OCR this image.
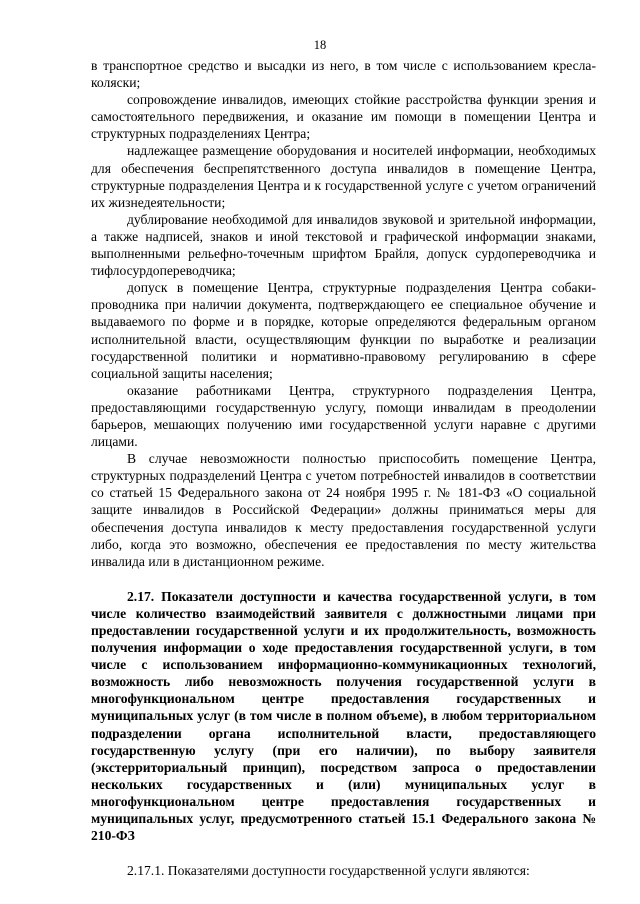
18

в транспортное средство и высадки из него, в том числе с использованием кресла-коляски;

сопровождение инвалидов, имеющих стойкие расстройства функции зрения и самостоятельного передвижения, и оказание им помощи в помещении Центра и структурных подразделениях Центра;

надлежащее размещение оборудования и носителей информации, необходимых для обеспечения беспрепятственного доступа инвалидов в помещение Центра, структурные подразделения Центра и к государственной услуге с учетом ограничений их жизнедеятельности;

дублирование необходимой для инвалидов звуковой и зрительной информации, а также надписей, знаков и иной текстовой и графической информации знаками, выполненными рельефно-точечным шрифтом Брайля, допуск сурдопереводчика и тифлосурдопереводчика;

допуск в помещение Центра, структурные подразделения Центра собаки-проводника при наличии документа, подтверждающего ее специальное обучение и выдаваемого по форме и в порядке, которые определяются федеральным органом исполнительной власти, осуществляющим функции по выработке и реализации государственной политики и нормативно-правовому регулированию в сфере социальной защиты населения;

оказание работниками Центра, структурного подразделения Центра, предоставляющими государственную услугу, помощи инвалидам в преодолении барьеров, мешающих получению ими государственной услуги наравне с другими лицами.

В случае невозможности полностью приспособить помещение Центра, структурных подразделений Центра с учетом потребностей инвалидов в соответствии со статьей 15 Федерального закона от 24 ноября 1995 г. № 181-ФЗ «О социальной защите инвалидов в Российской Федерации» должны приниматься меры для обеспечения доступа инвалидов к месту предоставления государственной услуги либо, когда это возможно, обеспечения ее предоставления по месту жительства инвалида или в дистанционном режиме.

2.17. Показатели доступности и качества государственной услуги, в том числе количество взаимодействий заявителя с должностными лицами при предоставлении государственной услуги и их продолжительность, возможность получения информации о ходе предоставления государственной услуги, в том числе с использованием информационно-коммуникационных технологий, возможность либо невозможность получения государственной услуги в многофункциональном центре предоставления государственных и муниципальных услуг (в том числе в полном объеме), в любом территориальном подразделении органа исполнительной власти, предоставляющего государственную услугу (при его наличии), по выбору заявителя (экстерриториальный принцип), посредством запроса о предоставлении нескольких государственных и (или) муниципальных услуг в многофункциональном центре предоставления государственных и муниципальных услуг, предусмотренного статьей 15.1 Федерального закона № 210-ФЗ

2.17.1. Показателями доступности государственной услуги являются:
